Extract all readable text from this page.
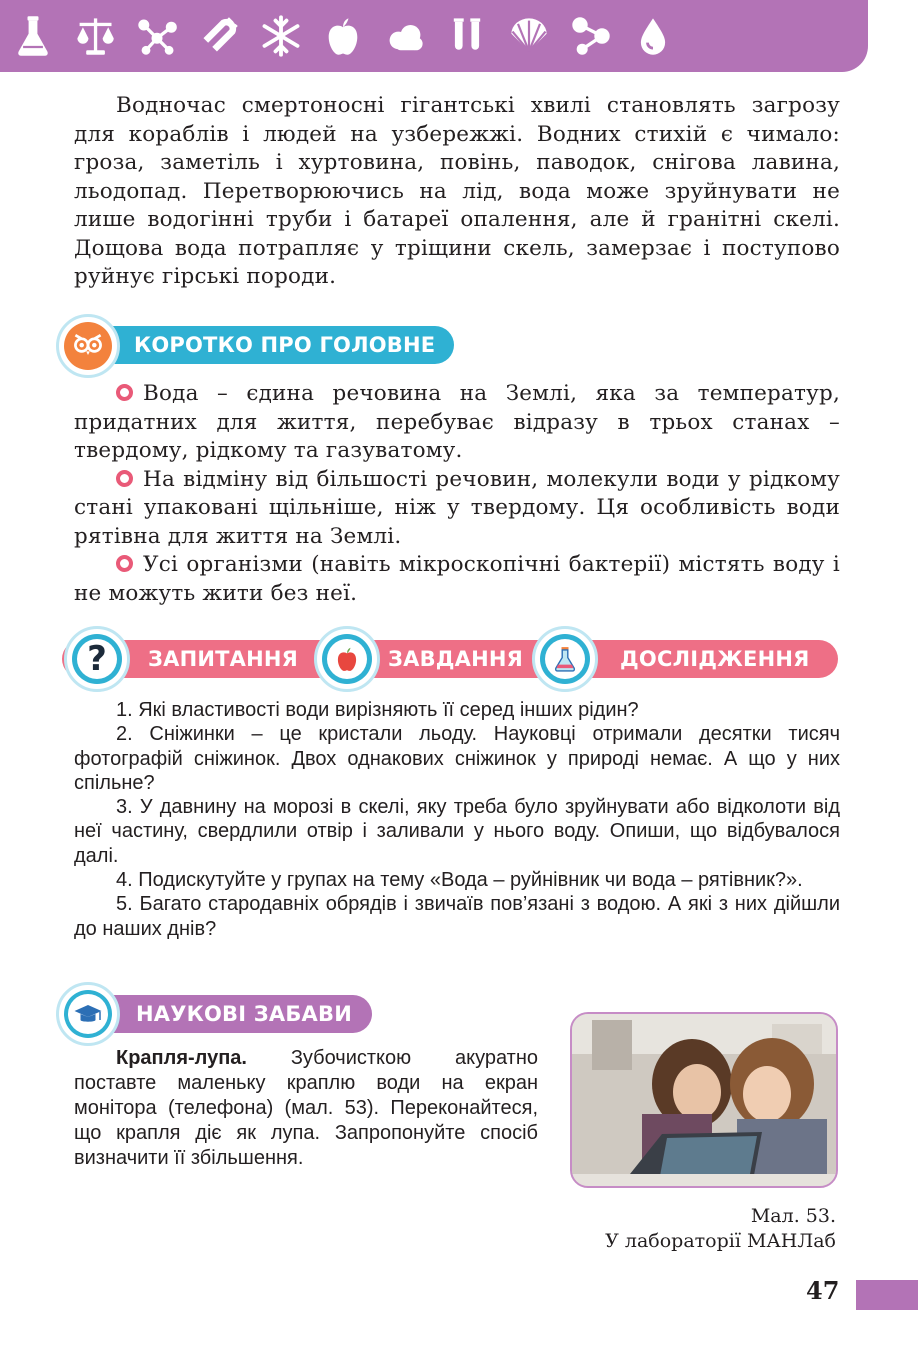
Водночас смертоносні гігантські хвилі становлять загрозу для кораблів і людей на узбережжі. Водних стихій є чимало: гроза, заметіль і хуртовина, повінь, паводок, снігова лавина, льодопад. Перетворюючись на лід, вода може зруйнувати не лише водогінні труби і батареї опалення, але й гранітні скелі. Дощова вода потрапляє у тріщини скель, замерзає і поступово руйнує гірські породи.
КОРОТКО ПРО ГОЛОВНЕ

Вода – єдина речовина на Землі, яка за температур, придатних для життя, перебуває відразу в трьох станах – твердому, рідкому та газуватому.

На відміну від більшості речовин, молекули води у рідкому стані упаковані щільніше, ніж у твердому. Ця особливість води рятівна для життя на Землі.

Усі організми (навіть мікроскопічні бактерії) містять воду і не можуть жити без неї.

ЗАПИТАННЯ	ЗАВДАННЯ	ДОСЛІДЖЕННЯ
?

1. Які властивості води вирізняють її серед інших рідин?

2. Сніжинки – це кристали льоду. Науковці отримали десятки тисяч фотографій сніжинок. Двох однакових сніжинок у природі немає. А що у них спільне?

3. У давнину на морозі в скелі, яку треба було зруйнувати або відколоти від неї частину, свердлили отвір і заливали у нього воду. Опиши, що відбувалося далі.

4. Подискутуйте у групах на тему «Вода – руйнівник чи вода – рятівник?».

5. Багато стародавніх обрядів і звичаїв пов’язані з водою. А які з них дійшли до наших днів?

НАУКОВІ ЗАБАВИ
Крапля-лупа. Зубочисткою акуратно поставте маленьку краплю води на екран монітора (телефона) (мал. 53). Переконайтеся, що крапля діє як лупа. Запропонуйте спосіб визначити її збільшення.
Мал. 53.
У лабораторії МАНЛаб
47
